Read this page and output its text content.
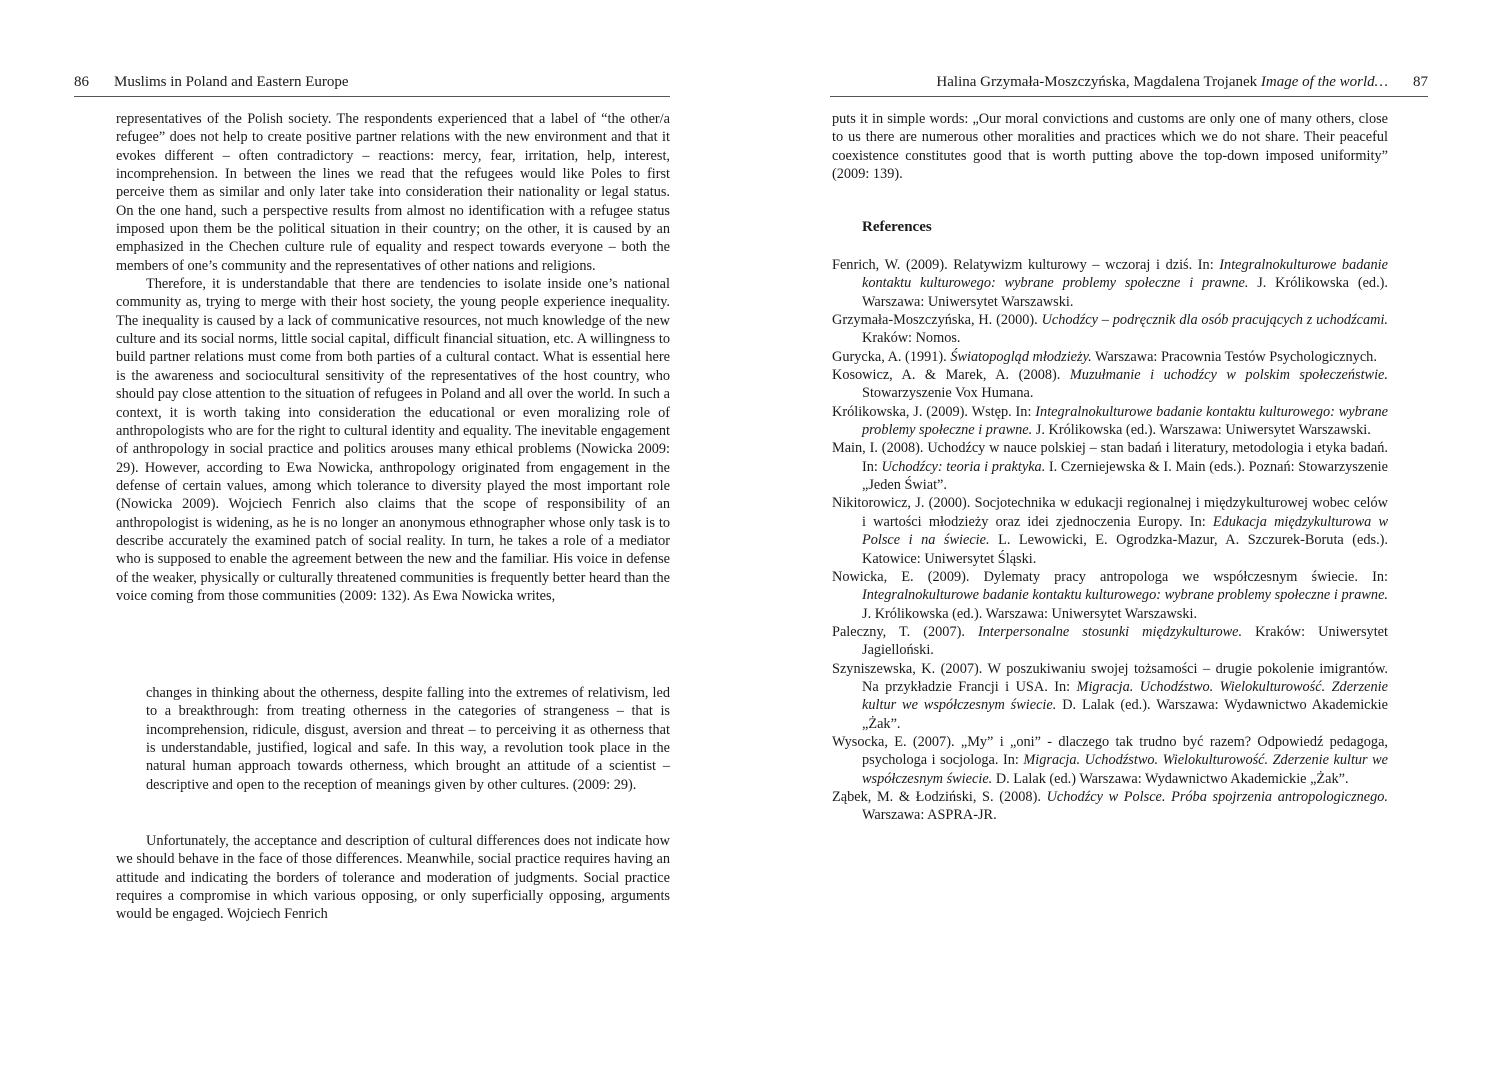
86 Muslims in Poland and Eastern Europe

representatives of the Polish society. The respondents experienced that a label of “the other/a refugee” does not help to create positive partner relations with the new environment and that it evokes different – often contradictory – reactions: mercy, fear, irritation, help, interest, incomprehension. In between the lines we read that the refugees would like Poles to first perceive them as similar and only later take into consideration their nationality or legal status. On the one hand, such a perspective results from almost no identification with a refugee status imposed upon them be the political situation in their country; on the other, it is caused by an emphasized in the Chechen culture rule of equality and respect towards everyone – both the members of one’s community and the representatives of other nations and religions.

Therefore, it is understandable that there are tendencies to isolate inside one’s national community as, trying to merge with their host society, the young people experience inequality. The inequality is caused by a lack of communicative resources, not much knowledge of the new culture and its social norms, little social capital, difficult financial situation, etc. A willingness to build partner relations must come from both parties of a cultural contact. What is essential here is the awareness and sociocultural sensitivity of the representatives of the host country, who should pay close attention to the situation of refugees in Poland and all over the world. In such a context, it is worth taking into consideration the educational or even moralizing role of anthropologists who are for the right to cultural identity and equality. The inevitable engagement of anthropology in social practice and politics arouses many ethical problems (Nowicka 2009: 29). However, according to Ewa Nowicka, anthropology originated from engagement in the defense of certain values, among which tolerance to diversity played the most important role (Nowicka 2009). Wojciech Fenrich also claims that the scope of responsibility of an anthropologist is widening, as he is no longer an anonymous ethnographer whose only task is to describe accurately the examined patch of social reality. In turn, he takes a role of a mediator who is supposed to enable the agreement between the new and the familiar. His voice in defense of the weaker, physically or culturally threatened communities is frequently better heard than the voice coming from those communities (2009: 132). As Ewa Nowicka writes,

changes in thinking about the otherness, despite falling into the extremes of relativism, led to a breakthrough: from treating otherness in the categories of strangeness – that is incomprehension, ridicule, disgust, aversion and threat – to perceiving it as otherness that is understandable, justified, logical and safe. In this way, a revolution took place in the natural human approach towards otherness, which brought an attitude of a scientist – descriptive and open to the reception of meanings given by other cultures. (2009: 29).

Unfortunately, the acceptance and description of cultural differences does not indicate how we should behave in the face of those differences. Meanwhile, social practice requires having an attitude and indicating the borders of tolerance and moderation of judgments. Social practice requires a compromise in which various opposing, or only superficially opposing, arguments would be engaged. Wojciech Fenrich

Halina Grzymała-Moszczyńska, Magdalena Trojanek Image of the world… 87

puts it in simple words: „Our moral convictions and customs are only one of many others, close to us there are numerous other moralities and practices which we do not share. Their peaceful coexistence constitutes good that is worth putting above the top-down imposed uniformity” (2009: 139).

References
Fenrich, W. (2009). Relatywizm kulturowy – wczoraj i dziś. In: Integralnokulturowe badanie kontaktu kulturowego: wybrane problemy społeczne i prawne. J. Królikowska (ed.). Warszawa: Uniwersytet Warszawski.
Grzymała-Moszczyńska, H. (2000). Uchodźcy – podręcznik dla osób pracujących z uchodźcami. Kraków: Nomos.
Gurycka, A. (1991). Światopogląd młodzieży. Warszawa: Pracownia Testów Psychologicznych.
Kosowicz, A. & Marek, A. (2008). Muzułmanie i uchodźcy w polskim społeczeństwie. Stowarzyszenie Vox Humana.
Królikowska, J. (2009). Wstęp. In: Integralnokulturowe badanie kontaktu kulturowego: wybrane problemy społeczne i prawne. J. Królikowska (ed.). Warszawa: Uniwersytet Warszawski.
Main, I. (2008). Uchodźcy w nauce polskiej – stan badań i literatury, metodologia i etyka badań. In: Uchodźcy: teoria i praktyka. I. Czerniejewska & I. Main (eds.). Poznań: Stowarzyszenie „Jeden Świat”.
Nikitorowicz, J. (2000). Socjotechnika w edukacji regionalnej i międzykulturowej wobec celów i wartości młodzieży oraz idei zjednoczenia Europy. In: Edukacja międzykulturowa w Polsce i na świecie. L. Lewowicki, E. Ogrodzka-Mazur, A. Szczurek-Boruta (eds.). Katowice: Uniwersytet Śląski.
Nowicka, E. (2009). Dylematy pracy antropologa we współczesnym świecie. In: Integralnokulturowe badanie kontaktu kulturowego: wybrane problemy społeczne i prawne. J. Królikowska (ed.). Warszawa: Uniwersytet Warszawski.
Paleczny, T. (2007). Interpersonalne stosunki międzykulturowe. Kraków: Uniwersytet Jagielloński.
Szyniszewska, K. (2007). W poszukiwaniu swojej tożsamości – drugie pokolenie imigrantów. Na przykładzie Francji i USA. In: Migracja. Uchodźstwo. Wielokulturowość. Zderzenie kultur we współczesnym świecie. D. Lalak (ed.). Warszawa: Wydawnictwo Akademickie „Żak”.
Wysocka, E. (2007). „My” i „oni” - dlaczego tak trudno być razem? Odpowiedź pedagoga, psychologa i socjologa. In: Migracja. Uchodźstwo. Wielokulturowość. Zderzenie kultur we współczesnym świecie. D. Lalak (ed.) Warszawa: Wydawnictwo Akademickie „Żak”.
Ząbek, M. & Łodziński, S. (2008). Uchodźcy w Polsce. Próba spojrzenia antropologicznego. Warszawa: ASPRA-JR.
